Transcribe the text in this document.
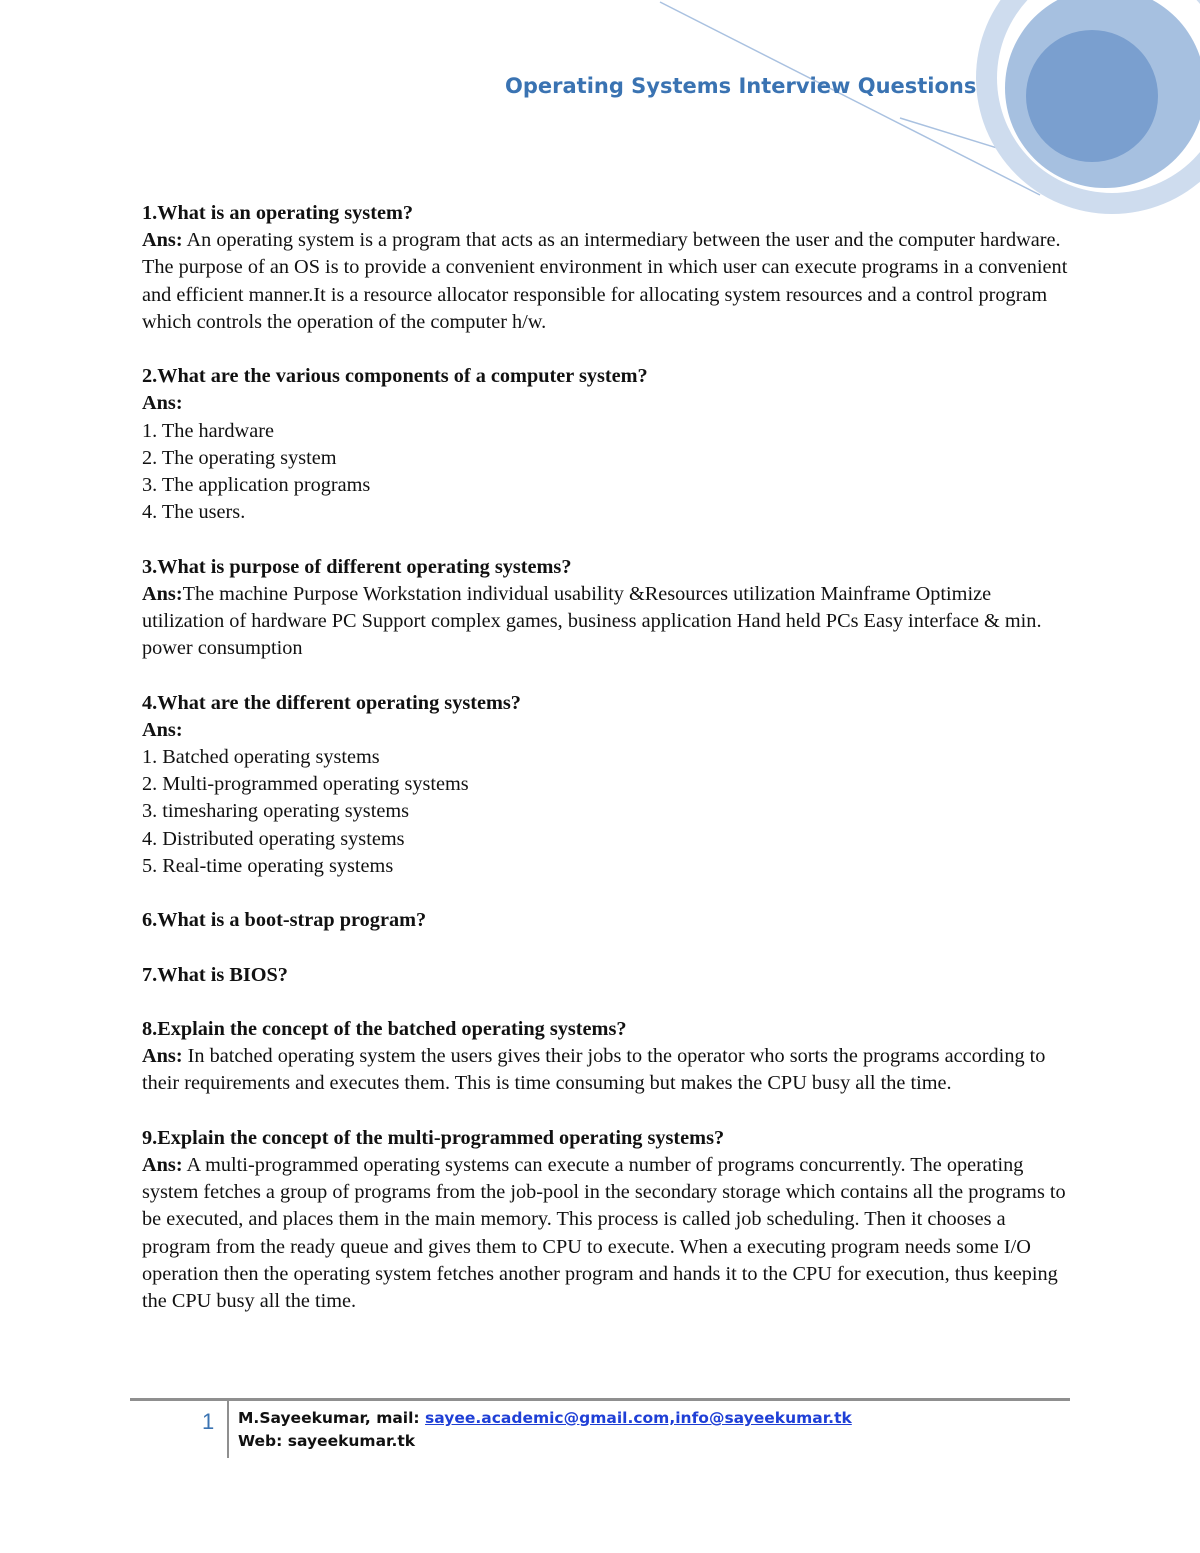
Operating Systems Interview Questions
1.What is an operating system?
Ans: An operating system is a program that acts as an intermediary between the user and the computer hardware. The purpose of an OS is to provide a convenient environment in which user can execute programs in a convenient and efficient manner.It is a resource allocator responsible for allocating system resources and a control program which controls the operation of the computer h/w.
2.What are the various components of a computer system?
Ans:

1. The hardware
2. The operating system
3. The application programs
4. The users.
3.What is purpose of different operating systems?
Ans:The machine Purpose Workstation individual usability &Resources utilization Mainframe Optimize utilization of hardware PC Support complex games, business application Hand held PCs Easy interface & min. power consumption
4.What are the different operating systems?
Ans:

1. Batched operating systems
2. Multi-programmed operating systems
3. timesharing operating systems
4. Distributed operating systems
5. Real-time operating systems
6.What is a boot-strap program?
7.What is BIOS?
8.Explain the concept of the batched operating systems?
Ans: In batched operating system the users gives their jobs to the operator who sorts the programs according to their requirements and executes them. This is time consuming but makes the CPU busy all the time.
9.Explain the concept of the multi-programmed operating systems?
Ans: A multi-programmed operating systems can execute a number of programs concurrently. The operating system fetches a group of programs from the job-pool in the secondary storage which contains all the programs to be executed, and places them in the main memory. This process is called job scheduling. Then it chooses a
program from the ready queue and gives them to CPU to execute. When a executing program needs some I/O operation then the operating system fetches another program and hands it to the CPU for execution, thus keeping the CPU busy all the time.
1 M.Sayeekumar, mail: sayee.academic@gmail.com,info@sayeekumar.tk
Web: sayeekumar.tk
